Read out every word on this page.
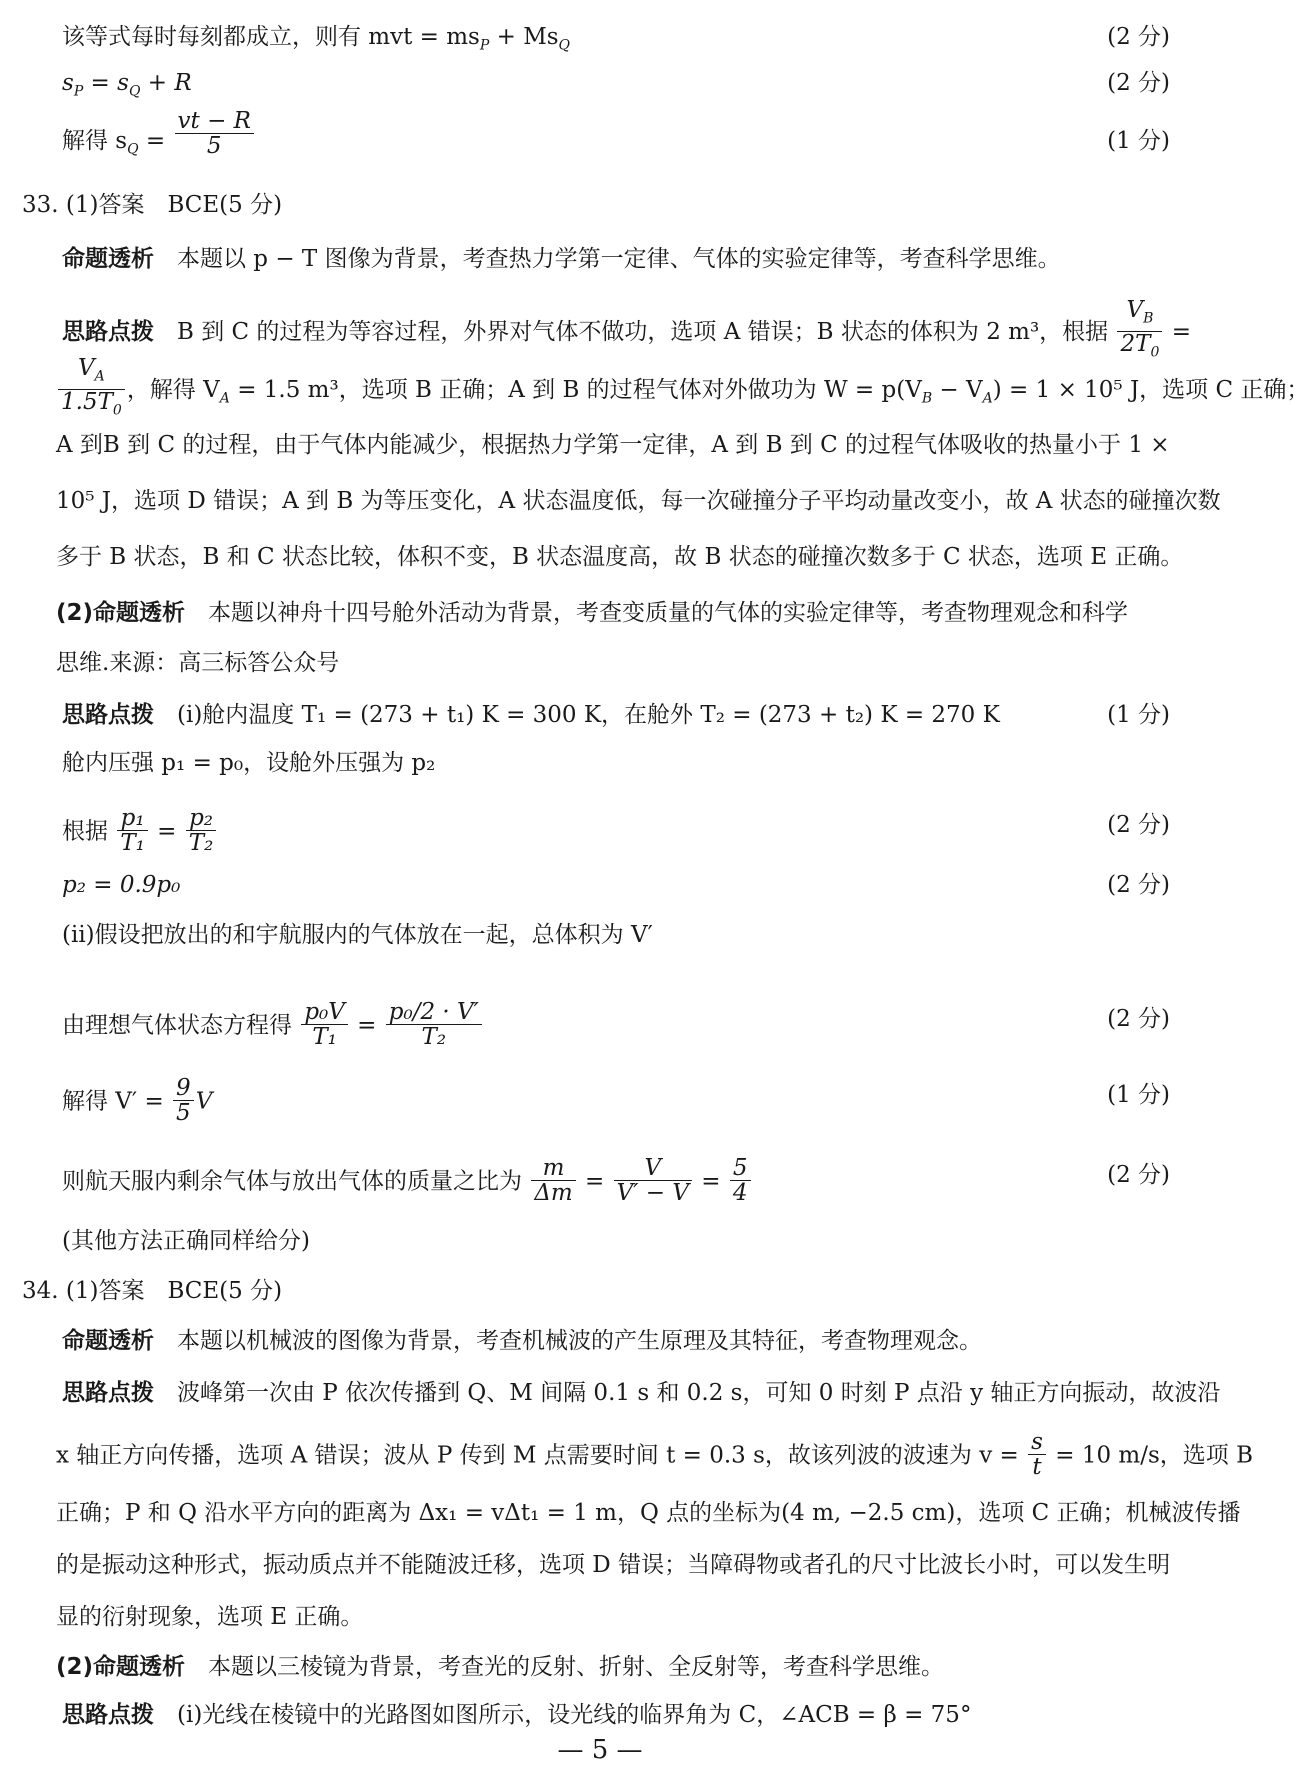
该等式每时每刻都成立，则有 mvt = $ms_P + Ms_Q$	(2 分)
$s_P = s_Q + R$	(2 分)
解得 $s_Q = \frac{vt - R}{5}$	(1 分)
33. (1)答案　BCE(5 分)
命题透析　 本题以 p − T 图像为背景，考查热力学第一定律、气体的实验定律等，考查科学思维。
思路点拨　 B 到 C 的过程为等容过程，外界对气体不做功，选项 A 错误；B 状态的体积为 2 m³，根据 $\frac{V_B}{2T_0}$ =
$\frac{V_A}{1.5T_0}$ ，解得 $V_A = 1.5$ m³，选项 B 正确；A 到 B 的过程气体对外做功为 $W = p(V_B - V_A) = 1 \times 10^5$ J，选项 C 正确；
A 到B 到 C 的过程，由于气体内能减少，根据热力学第一定律，A 到 B 到 C 的过程气体吸收的热量小于 1 ×
10⁵ J，选项 D 错误；A 到 B 为等压变化，A 状态温度低，每一次碰撞分子平均动量改变小，故 A 状态的碰撞次数
多于 B 状态，B 和 C 状态比较，体积不变，B 状态温度高，故 B 状态的碰撞次数多于 C 状态，选项 E 正确。
(2)命题透析　 本题以神舟十四号舱外活动为背景，考查变质量的气体的实验定律等，考查物理观念和科学
思维.来源：高三标答公众号
思路点拨　 (ⅰ)舱内温度 T₁ = (273 + t₁) K = 300 K，在舱外 T₂ = (273 + t₂) K = 270 K	(1 分)
舱内压强 p₁ = p₀，设舱外压强为 p₂
根据 $\frac{\text{p₁}}{\text{T₁}} = \frac{\text{p₂}}{\text{T₂}}$	(2 分)
p₂ = 0.9p₀	(2 分)
(ⅱ)假设把放出的和宇航服内的气体放在一起，总体积为 V′
由理想气体状态方程得 $\frac{\text{p₀V}}{\text{T₁}} = \frac{\text{p₀/2 · V′}}{\text{T₂}}$	(2 分)
解得 $V' = \frac{9}{5}$ V	(1 分)
则航天服内剩余气体与放出气体的质量之比为 $\frac{m}{\Delta m} = \frac{V}{V' - V} = \frac{5}{4}$	(2 分)
(其他方法正确同样给分)
34. (1)答案　BCE(5 分)
命题透析　 本题以机械波的图像为背景，考查机械波的产生原理及其特征，考查物理观念。
思路点拨　 波峰第一次由 P 依次传播到 Q、M 间隔 0.1 s 和 0.2 s，可知 0 时刻 P 点沿 y 轴正方向振动，故波沿
x 轴正方向传播，选项 A 错误；波从 P 传到 M 点需要时间 t = 0.3 s，故该列波的波速为 $v = \frac{s}{t} = 10$ m/s，选项 B
正确；P 和 Q 沿水平方向的距离为 Δx₁ = vΔt₁ = 1 m，Q 点的坐标为(4 m, −2.5 cm)，选项 C 正确；机械波传播
的是振动这种形式，振动质点并不能随波迁移，选项 D 错误；当障碍物或者孔的尺寸比波长小时，可以发生明
显的衍射现象，选项 E 正确。
(2)命题透析　 本题以三棱镜为背景，考查光的反射、折射、全反射等，考查科学思维。
思路点拨　 (ⅰ)光线在棱镜中的光路图如图所示，设光线的临界角为 C，∠ACB = β = 75°
— 5 —
